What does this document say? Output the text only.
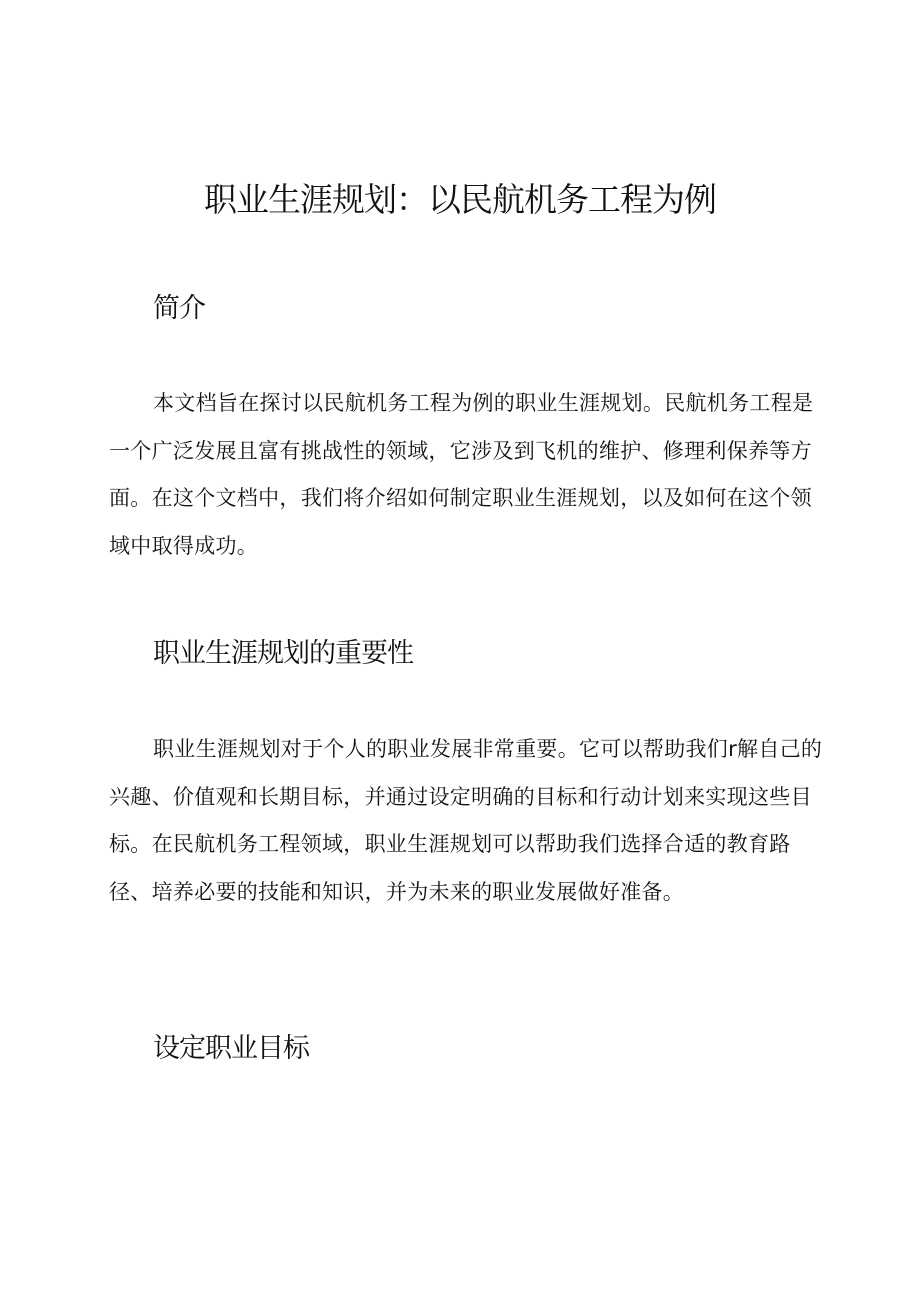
职业生涯规划：以民航机务工程为例
简介

本文档旨在探讨以民航机务工程为例的职业生涯规划。民航机务工程是一个广泛发展且富有挑战性的领域，它涉及到飞机的维护、修理利保养等方面。在这个文档中，我们将介绍如何制定职业生涯规划，以及如何在这个领域中取得成功。

职业生涯规划的重要性

职业生涯规划对于个人的职业发展非常重要。它可以帮助我们r解自己的兴趣、价值观和长期目标，并通过设定明确的目标和行动计划来实现这些目标。在民航机务工程领域，职业生涯规划可以帮助我们选择合适的教育路径、培养必要的技能和知识，并为未来的职业发展做好准备。

设定职业目标
